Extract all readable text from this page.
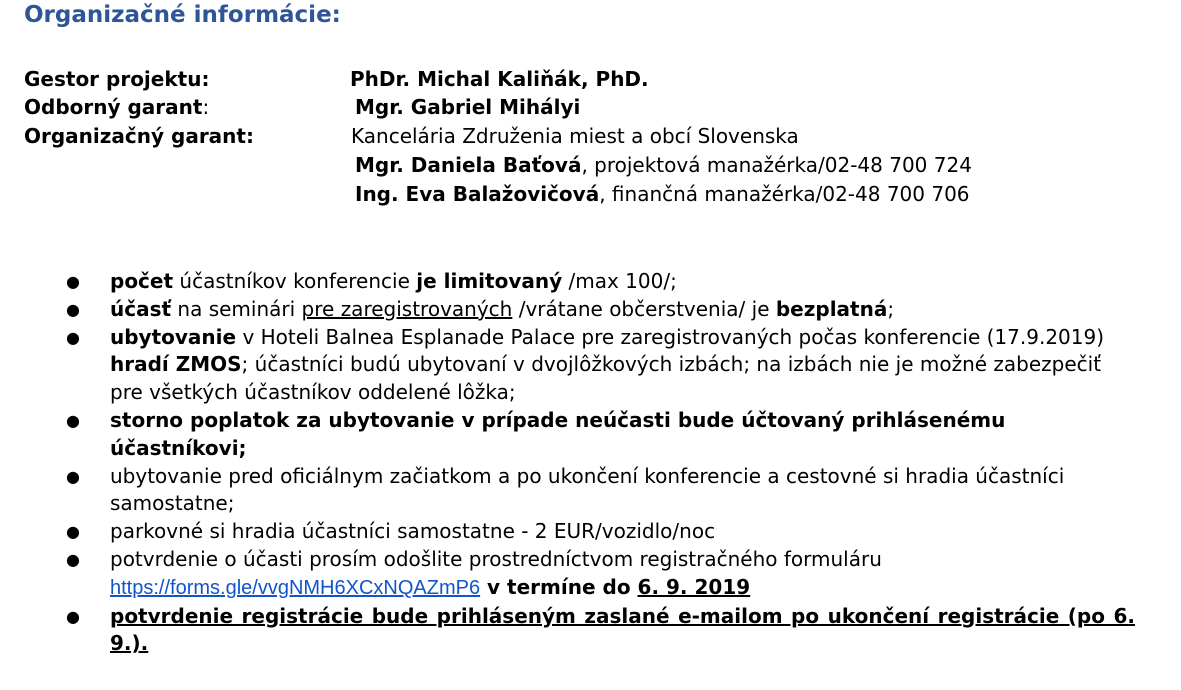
Organizačné informácie:
Gestor projektu:	PhDr. Michal Kaliňák, PhD.
Odborný garant:	Mgr. Gabriel Mihályi
Organizačný garant:	Kancelária Združenia miest a obcí Slovenska
Mgr. Daniela Baťová, projektová manažérka/02-48 700 724
Ing. Eva Balažovičová, finančná manažérka/02-48 700 706
● počet účastníkov konferencie je limitovaný /max 100/;
● účasť na seminári pre zaregistrovaných /vrátane občerstvenia/ je bezplatná;
● ubytovanie v Hoteli Balnea Esplanade Palace pre zaregistrovaných počas konferencie (17.9.2019) hradí ZMOS; účastníci budú ubytovaní v dvojlôžkových izbách; na izbách nie je možné zabezpečiť pre všetkých účastníkov oddelené lôžka;
● storno poplatok za ubytovanie v prípade neúčasti bude účtovaný prihlásenému účastníkovi;
● ubytovanie pred oficiálnym začiatkom a po ukončení konferencie a cestovné si hradia účastníci samostatne;
● parkovné si hradia účastníci samostatne - 2 EUR/vozidlo/noc
● potvrdenie o účasti prosím odošlite prostredníctvom registračného formuláru
https://forms.gle/vvgNMH6XCxNQAZmP6 v termíne do 6. 9. 2019
● potvrdenie registrácie bude prihláseným zaslané e-mailom po ukončení registrácie (po 6. 9.).
